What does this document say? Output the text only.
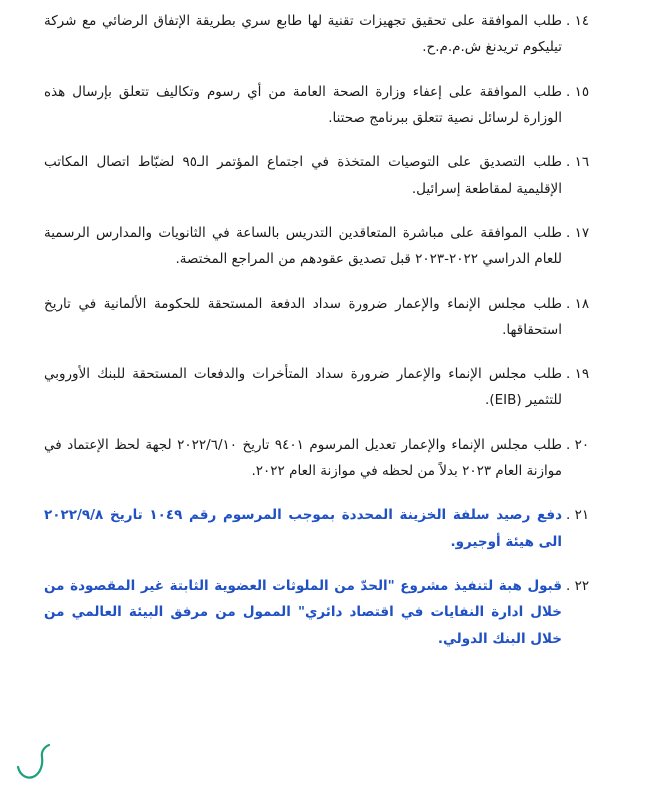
١٤ .
طلب الموافقة على تحقيق تجهيزات تقنية لها طابع سري بطريقة الإتفاق الرضائي مع شركة تيليكوم تريدنغ ش.م.م.ح.
١٥ .
طلب الموافقة على إعفاء وزارة الصحة العامة من أي رسوم وتكاليف تتعلق بإرسال هذه الوزارة لرسائل نصية تتعلق ببرنامج صحتنا.
١٦ .
طلب التصديق على التوصيات المتخذة في اجتماع المؤتمر الـ٩٥ لضبّاط اتصال المكاتب الإقليمية لمقاطعة إسرائيل.
١٧ .
طلب الموافقة على مباشرة المتعاقدين التدريس بالساعة في الثانويات والمدارس الرسمية للعام الدراسي ٢٠٢٢-٢٠٢٣ قبل تصديق عقودهم من المراجع المختصة.
١٨ .
طلب مجلس الإنماء والإعمار ضرورة سداد الدفعة المستحقة للحكومة الألمانية في تاريخ استحقاقها.
١٩ .
طلب مجلس الإنماء والإعمار ضرورة سداد المتأخرات والدفعات المستحقة للبنك الأوروبي للتثمير (EIB).
٢٠ .
طلب مجلس الإنماء والإعمار تعديل المرسوم ٩٤٠١ تاريخ ٢٠٢٢/٦/١٠ لجهة لحظ الإعتماد في موازنة العام ٢٠٢٣ بدلاً من لحظه في موازنة العام ٢٠٢٢.
٢١ .
دفع رصيد سلفة الخزينة المحددة بموجب المرسوم رقم ١٠٤٩ تاريخ ٢٠٢٢/٩/٨ الى هيئة أوجيرو.
٢٢ .
قبول هبة لتنفيذ مشروع "الحدّ من الملوثات العضوية الثابتة غير المقصودة من خلال ادارة النفايات في اقتصاد دائري" الممول من مرفق البيئة العالمي من خلال البنك الدولي.
